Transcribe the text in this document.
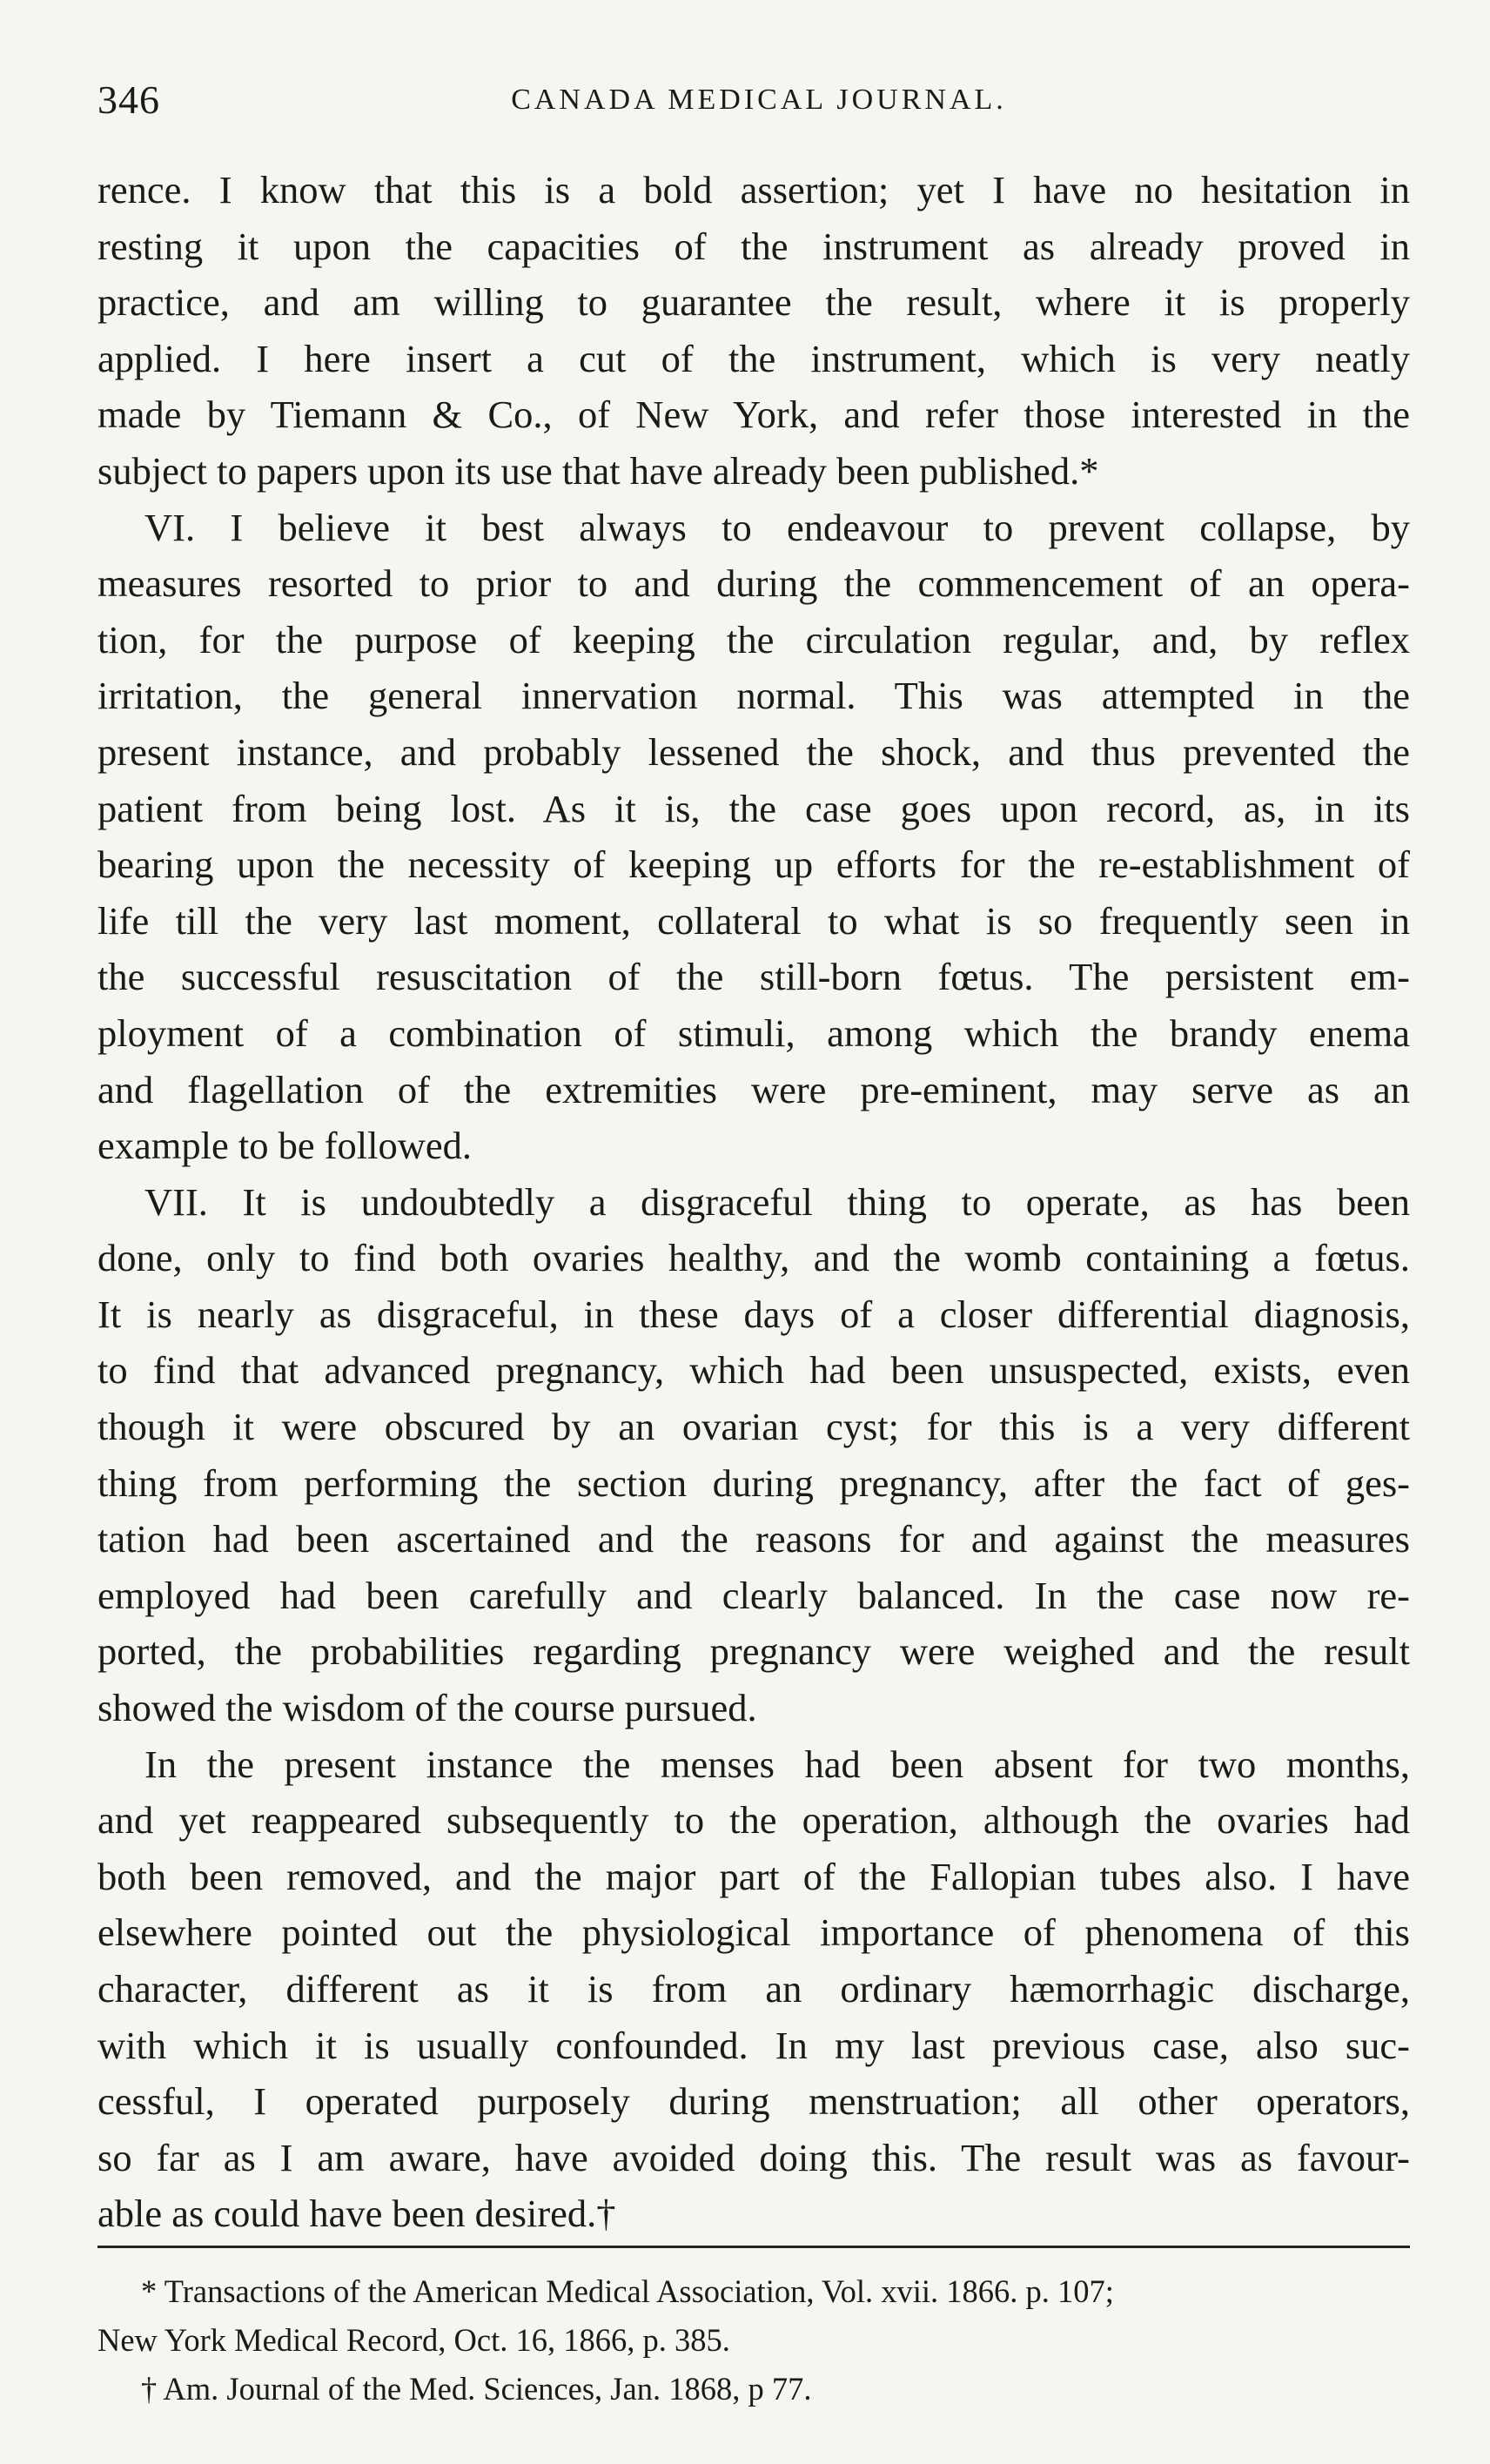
346	CANADA MEDICAL JOURNAL.
rence. I know that this is a bold assertion; yet I have no hesitation in
resting it upon the capacities of the instrument as already proved in
practice, and am willing to guarantee the result, where it is properly
applied. I here insert a cut of the instrument, which is very neatly
made by Tiemann & Co., of New York, and refer those interested in the
subject to papers upon its use that have already been published.*
VI. I believe it best always to endeavour to prevent collapse, by
measures resorted to prior to and during the commencement of an opera-
tion, for the purpose of keeping the circulation regular, and, by reflex
irritation, the general innervation normal. This was attempted in the
present instance, and probably lessened the shock, and thus prevented the
patient from being lost. As it is, the case goes upon record, as, in its
bearing upon the necessity of keeping up efforts for the re-establishment of
life till the very last moment, collateral to what is so frequently seen in
the successful resuscitation of the still-born fœtus. The persistent em-
ployment of a combination of stimuli, among which the brandy enema
and flagellation of the extremities were pre-eminent, may serve as an
example to be followed.
VII. It is undoubtedly a disgraceful thing to operate, as has been
done, only to find both ovaries healthy, and the womb containing a fœtus.
It is nearly as disgraceful, in these days of a closer differential diagnosis,
to find that advanced pregnancy, which had been unsuspected, exists, even
though it were obscured by an ovarian cyst; for this is a very different
thing from performing the section during pregnancy, after the fact of ges-
tation had been ascertained and the reasons for and against the measures
employed had been carefully and clearly balanced. In the case now re-
ported, the probabilities regarding pregnancy were weighed and the result
showed the wisdom of the course pursued.
In the present instance the menses had been absent for two months,
and yet reappeared subsequently to the operation, although the ovaries had
both been removed, and the major part of the Fallopian tubes also. I have
elsewhere pointed out the physiological importance of phenomena of this
character, different as it is from an ordinary hæmorrhagic discharge,
with which it is usually confounded. In my last previous case, also suc-
cessful, I operated purposely during menstruation; all other operators,
so far as I am aware, have avoided doing this. The result was as favour-
able as could have been desired.†
* Transactions of the American Medical Association, Vol. xvii. 1866. p. 107;
New York Medical Record, Oct. 16, 1866, p. 385.
† Am. Journal of the Med. Sciences, Jan. 1868, p 77.
